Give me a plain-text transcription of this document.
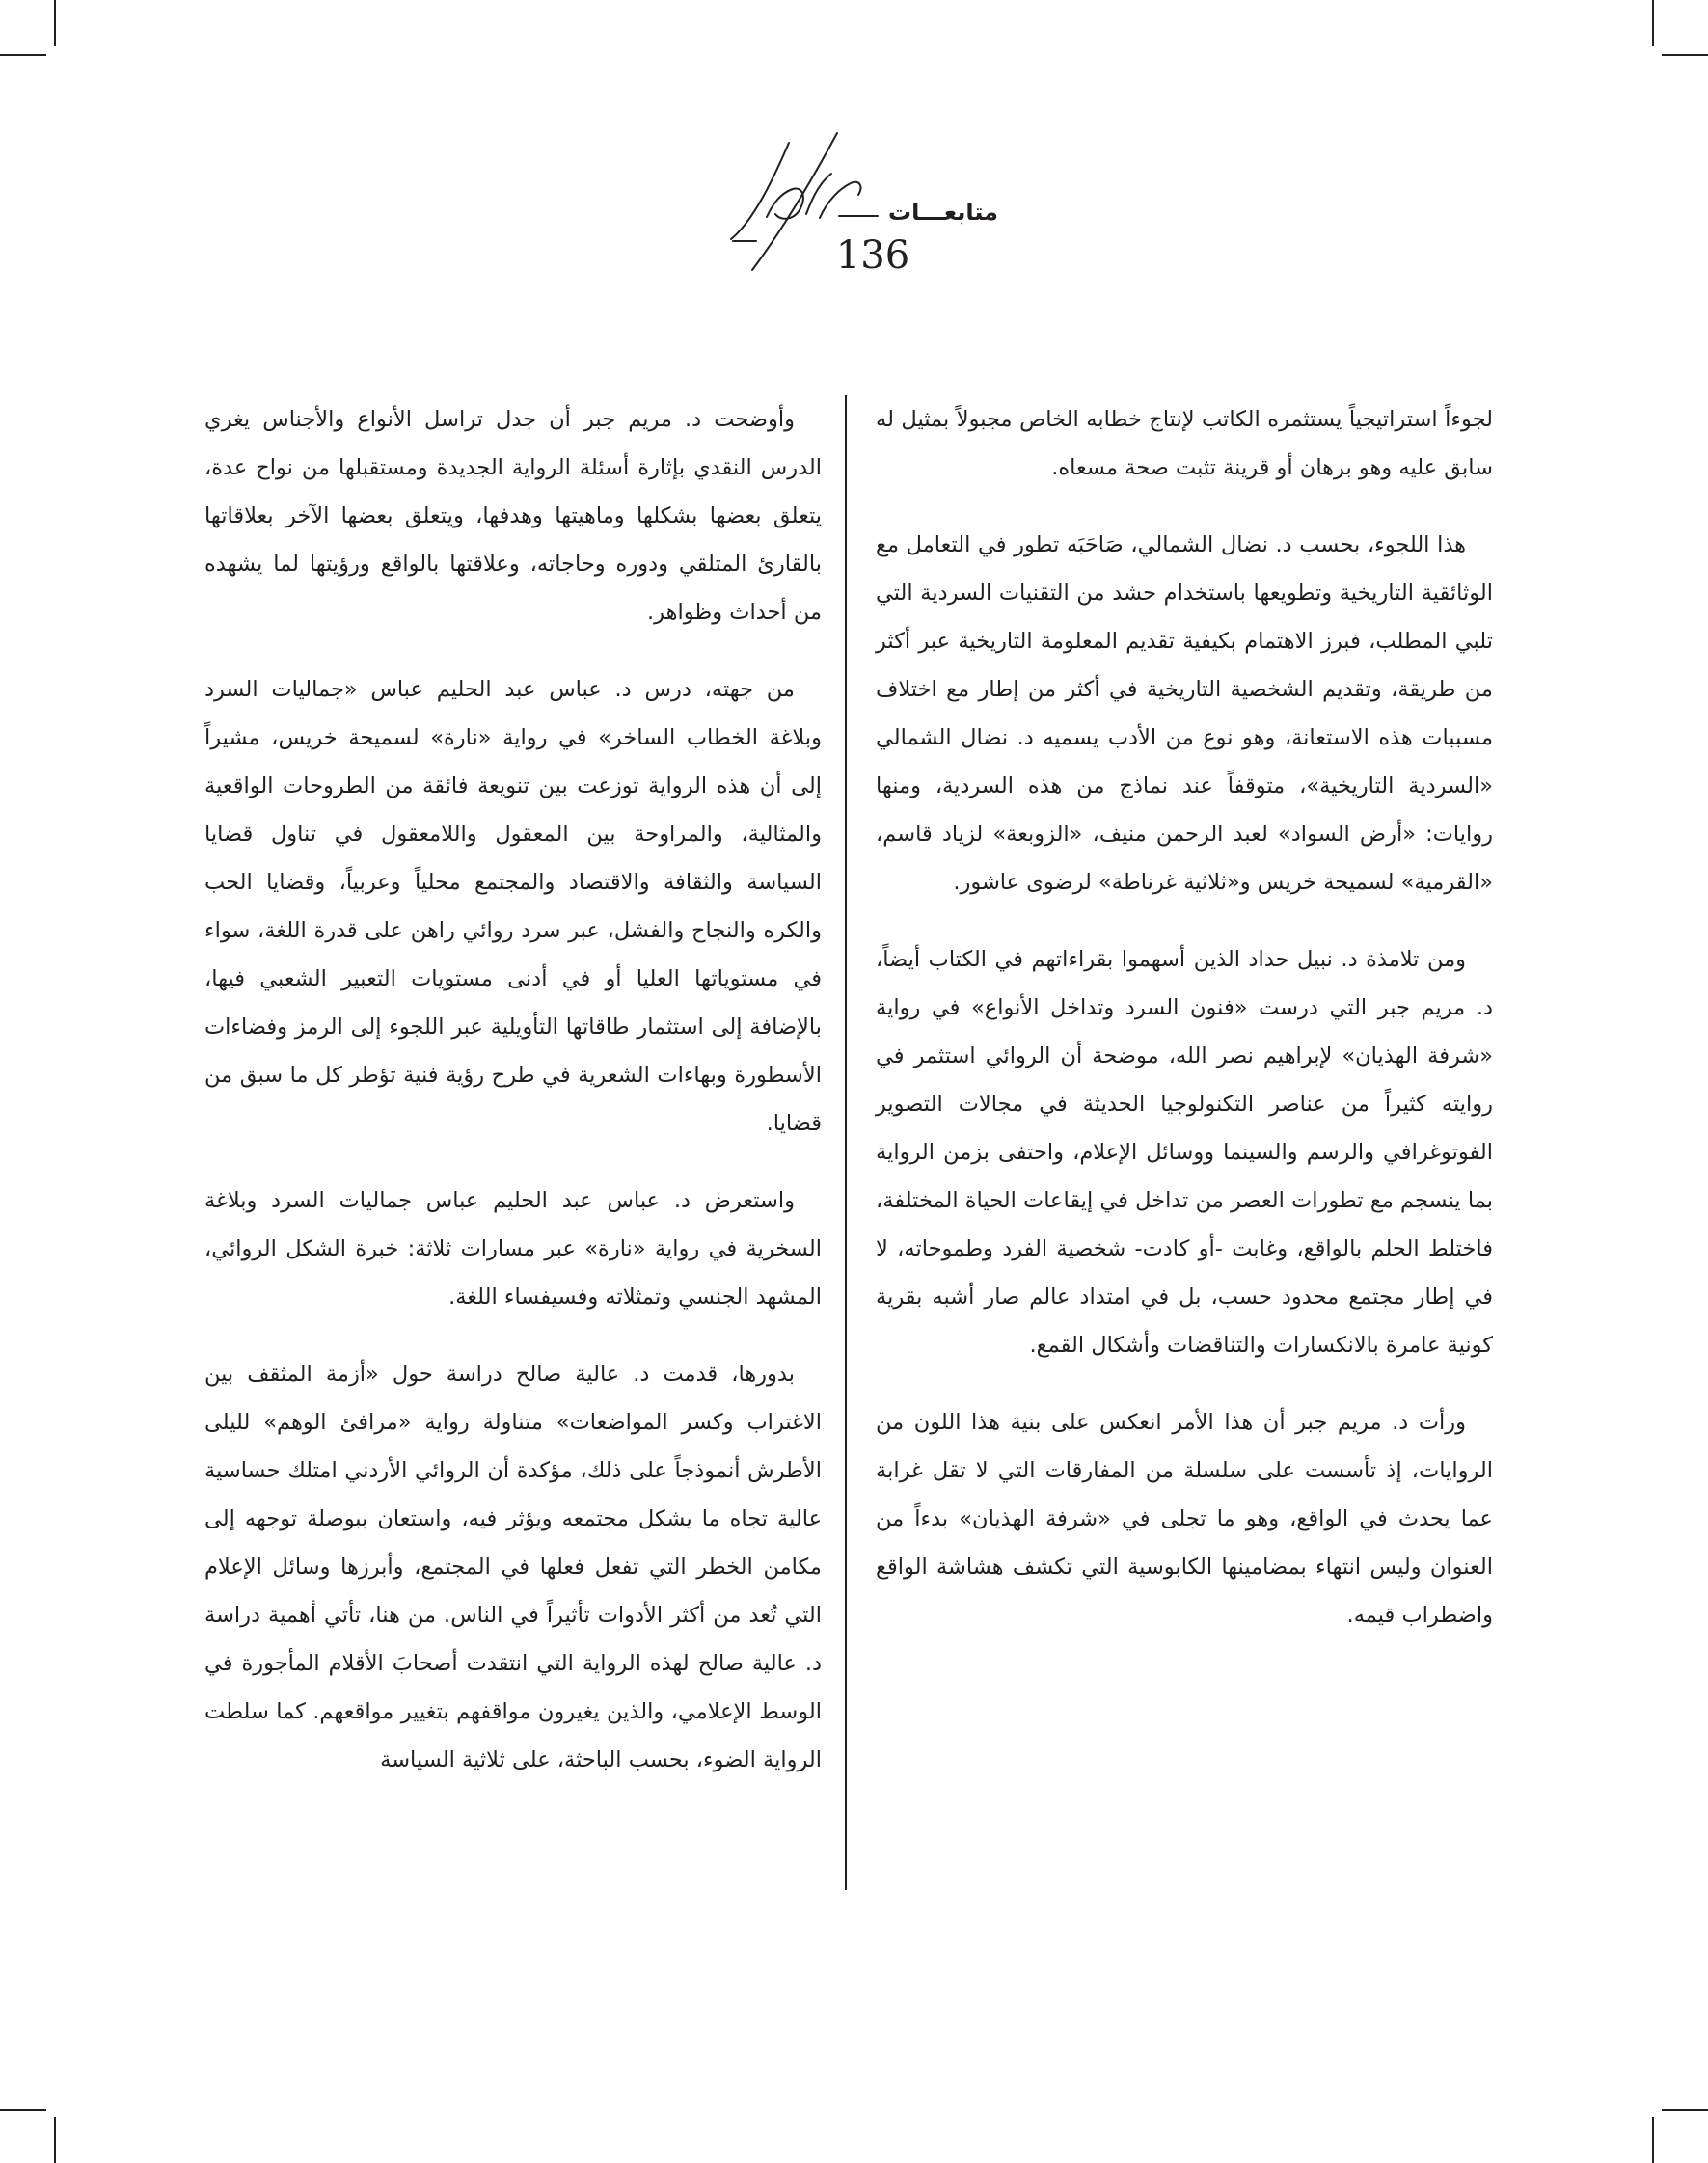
متابعـــات
136

لجوءاً استراتيجياً يستثمره الكاتب لإنتاج خطابه الخاص مجبولاً بمثيل له سابق عليه وهو برهان أو قرينة تثبت صحة مسعاه.

هذا اللجوء، بحسب د. نضال الشمالي، صَاحَبَه تطور في التعامل مع الوثائقية التاريخية وتطويعها باستخدام حشد من التقنيات السردية التي تلبي المطلب، فبرز الاهتمام بكيفية تقديم المعلومة التاريخية عبر أكثر من طريقة، وتقديم الشخصية التاريخية في أكثر من إطار مع اختلاف مسببات هذه الاستعانة، وهو نوع من الأدب يسميه د. نضال الشمالي «السردية التاريخية»، متوقفاً عند نماذج من هذه السردية، ومنها روايات: «أرض السواد» لعبد الرحمن منيف، «الزوبعة» لزياد قاسم، «القرمية» لسميحة خريس و«ثلاثية غرناطة» لرضوى عاشور.

ومن تلامذة د. نبيل حداد الذين أسهموا بقراءاتهم في الكتاب أيضاً، د. مريم جبر التي درست «فنون السرد وتداخل الأنواع» في رواية «شرفة الهذيان» لإبراهيم نصر الله، موضحة أن الروائي استثمر في روايته كثيراً من عناصر التكنولوجيا الحديثة في مجالات التصوير الفوتوغرافي والرسم والسينما ووسائل الإعلام، واحتفى بزمن الرواية بما ينسجم مع تطورات العصر من تداخل في إيقاعات الحياة المختلفة، فاختلط الحلم بالواقع، وغابت -أو كادت- شخصية الفرد وطموحاته، لا في إطار مجتمع محدود حسب، بل في امتداد عالم صار أشبه بقرية كونية عامرة بالانكسارات والتناقضات وأشكال القمع.

ورأت د. مريم جبر أن هذا الأمر انعكس على بنية هذا اللون من الروايات، إذ تأسست على سلسلة من المفارقات التي لا تقل غرابة عما يحدث في الواقع، وهو ما تجلى في «شرفة الهذيان» بدءاً من العنوان وليس انتهاء بمضامينها الكابوسية التي تكشف هشاشة الواقع واضطراب قيمه.

وأوضحت د. مريم جبر أن جدل تراسل الأنواع والأجناس يغري الدرس النقدي بإثارة أسئلة الرواية الجديدة ومستقبلها من نواح عدة، يتعلق بعضها بشكلها وماهيتها وهدفها، ويتعلق بعضها الآخر بعلاقاتها بالقارئ المتلقي ودوره وحاجاته، وعلاقتها بالواقع ورؤيتها لما يشهده من أحداث وظواهر.

من جهته، درس د. عباس عبد الحليم عباس «جماليات السرد وبلاغة الخطاب الساخر» في رواية «نارة» لسميحة خريس، مشيراً إلى أن هذه الرواية توزعت بين تنويعة فائقة من الطروحات الواقعية والمثالية، والمراوحة بين المعقول واللامعقول في تناول قضايا السياسة والثقافة والاقتصاد والمجتمع محلياً وعربياً، وقضايا الحب والكره والنجاح والفشل، عبر سرد روائي راهن على قدرة اللغة، سواء في مستوياتها العليا أو في أدنى مستويات التعبير الشعبي فيها، بالإضافة إلى استثمار طاقاتها التأويلية عبر اللجوء إلى الرمز وفضاءات الأسطورة وبهاءات الشعرية في طرح رؤية فنية تؤطر كل ما سبق من قضايا.

واستعرض د. عباس عبد الحليم عباس جماليات السرد وبلاغة السخرية في رواية «نارة» عبر مسارات ثلاثة: خبرة الشكل الروائي، المشهد الجنسي وتمثلاته وفسيفساء اللغة.

بدورها، قدمت د. عالية صالح دراسة حول «أزمة المثقف بين الاغتراب وكسر المواضعات» متناولة رواية «مرافئ الوهم» لليلى الأطرش أنموذجاً على ذلك، مؤكدة أن الروائي الأردني امتلك حساسية عالية تجاه ما يشكل مجتمعه ويؤثر فيه، واستعان ببوصلة توجهه إلى مكامن الخطر التي تفعل فعلها في المجتمع، وأبرزها وسائل الإعلام التي تُعد من أكثر الأدوات تأثيراً في الناس. من هنا، تأتي أهمية دراسة د. عالية صالح لهذه الرواية التي انتقدت أصحابَ الأقلام المأجورة في الوسط الإعلامي، والذين يغيرون مواقفهم بتغيير مواقعهم. كما سلطت الرواية الضوء، بحسب الباحثة، على ثلاثية السياسة
